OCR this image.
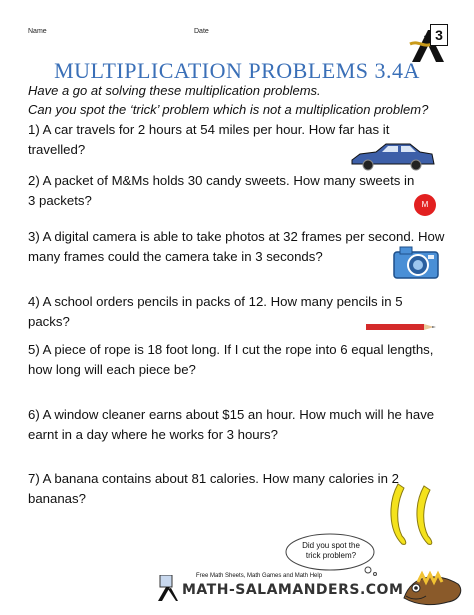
Name	Date	3
MULTIPLICATION PROBLEMS 3.4A
Have a go at solving these multiplication problems.
Can you spot the ‘trick’ problem which is not a multiplication problem?
1) A car travels for 2 hours at 54 miles per hour. How far has it travelled?
2) A packet of M&Ms holds 30 candy sweets. How many sweets in 3 packets?	M
3) A digital camera is able to take photos at 32 frames per second. How many frames could the camera take in 3 seconds?
4) A school orders pencils in packs of 12. How many pencils in 5 packs?
5) A piece of rope is 18 foot long. If I cut the rope into 6 equal lengths, how long will each piece be?
6) A window cleaner earns about $15 an hour. How much will he have earnt in a day where he works for 3 hours?
7) A banana contains about 81 calories. How many calories in 2 bananas?
Did you spot the trick problem?
Free Math Sheets, Math Games and Math Help
MATH-SALAMANDERS.COM
